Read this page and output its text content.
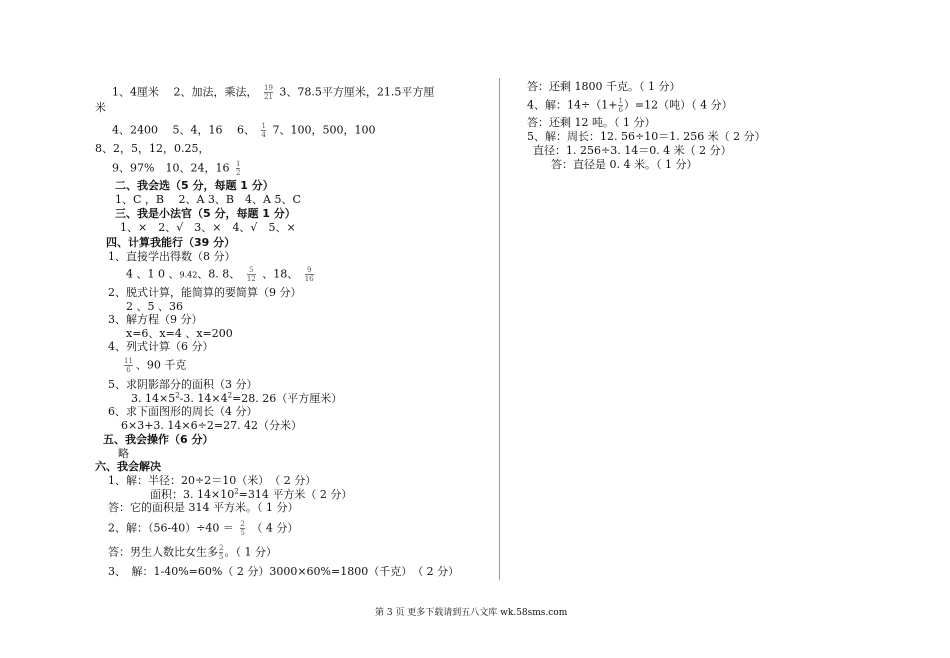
1、4厘米　 2、加法，乘法， $\frac{19}{21} 3$、78.5平方厘米，21.5平方厘
米
4、2400　 5、4，16　 6、 $\frac{1}{4} 7$、100，500，100
8、2，5，12，0.25，
9、97%　10、24，$16 \frac{1}{2}$
二、我会选（5 分，每题 1 分）
1、C ，B 　2、A 3、B　4、A 5、C
三、我是小法官（5 分，每题 1 分）
1、×　2、√　3、×　4、√　5、×
四、计算我能行（39 分）
1、直接学出得数（8 分）
4 、1 0 、9.42、8. 8、 $\frac{5}{12}$ 、18、 $\frac{9}{16}$
2、脱式计算，能简算的要简算（9 分）
2 、5 、36
3、解方程（9 分）
x=6、x=4 、x=200
4、列式计算（6 分）
$\frac{11}{6}$ 、90 千克
5、求阴影部分的面积（3 分）
3. $14\times 5^2-3$. $14\times 4^2=28$. 26（平方厘米）
6、求下面图形的周长（4 分）
6×3+3. 14×6÷2=27. 42（分米）
五、我会操作（6 分）
略
六、我会解决
1、解：半径：20÷2＝10（米）　（ 2 分）
面积：3. $14\times 10^2=314$ 平方米（ 2 分）
答：它的面积是 314 平方米。（ 1 分）
2、解：$(56-40)\div 40 = \frac{2}{5}$ （ 4 分）
答：男生人数比女生多 $\frac{2}{5}$ 。（ 1 分）
3、　解：1-40%=60%（ 2 分）3000×60%=1800（千克）　（ 2 分）
答：还剩 1800 千克。（ 1 分）
4、解：$14\div(1+ \frac{1}{6} )=12$（吨）（ 4 分）
答：还剩 12 吨。（ 1 分）
5、解：周长：12. 56÷10＝1. 256 米（ 2 分）
直径：1. 256÷3. 14＝0. 4 米（ 2 分）
答：直径是 0. 4 米。（ 1 分）
第 3 页 更多下载请到五八文库 wk.58sms.com
